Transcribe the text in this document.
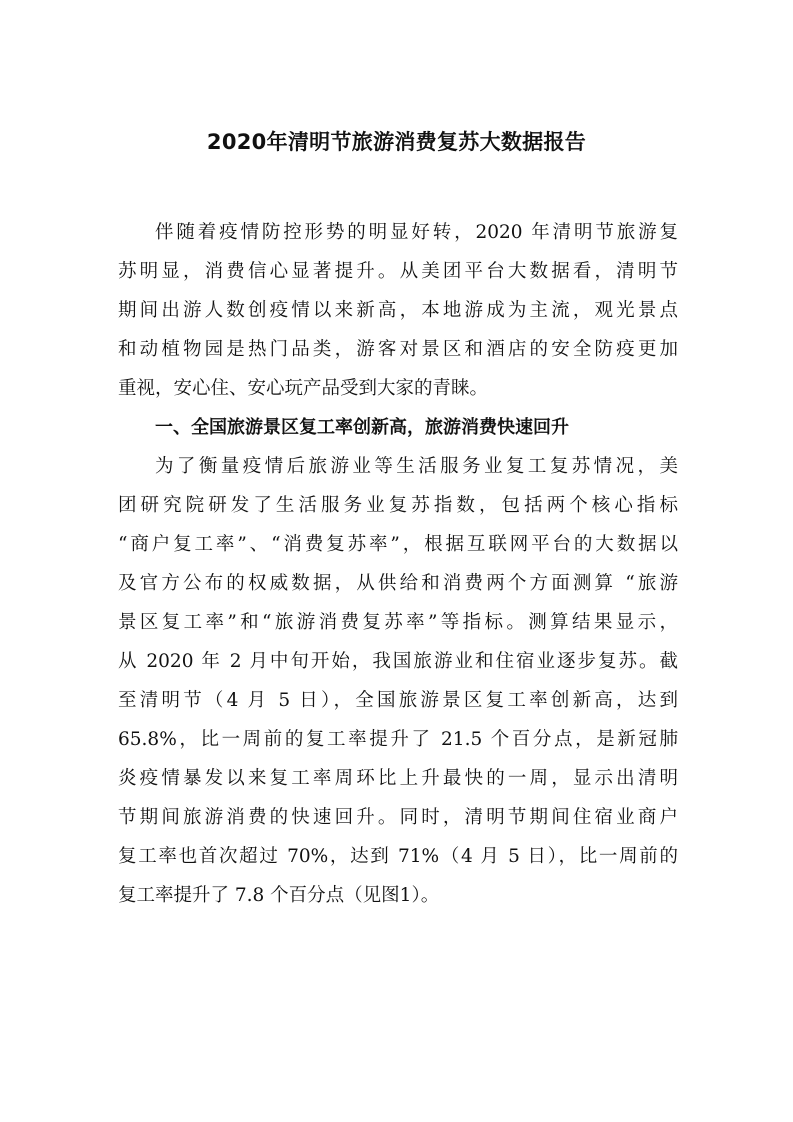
2020年清明节旅游消费复苏大数据报告
伴随着疫情防控形势的明显好转，2020 年清明节旅游复
苏明显，消费信心显著提升。从美团平台大数据看，清明节
期间出游人数创疫情以来新高，本地游成为主流，观光景点
和动植物园是热门品类，游客对景区和酒店的安全防疫更加
重视，安心住、安心玩产品受到大家的青睐。
一、全国旅游景区复工率创新高，旅游消费快速回升
为了衡量疫情后旅游业等生活服务业复工复苏情况，美
团研究院研发了生活服务业复苏指数，包括两个核心指标
“商户复工率”、“消费复苏率”，根据互联网平台的大数据以
及官方公布的权威数据，从供给和消费两个方面测算 “旅游
景区复工率”和“旅游消费复苏率”等指标。测算结果显示，
从 2020 年 2 月中旬开始，我国旅游业和住宿业逐步复苏。截
至清明节（4 月 5 日），全国旅游景区复工率创新高，达到
65.8%，比一周前的复工率提升了 21.5 个百分点，是新冠肺
炎疫情暴发以来复工率周环比上升最快的一周，显示出清明
节期间旅游消费的快速回升。同时，清明节期间住宿业商户
复工率也首次超过 70%，达到 71%（4 月 5 日），比一周前的
复工率提升了 7.8 个百分点（见图1）。
